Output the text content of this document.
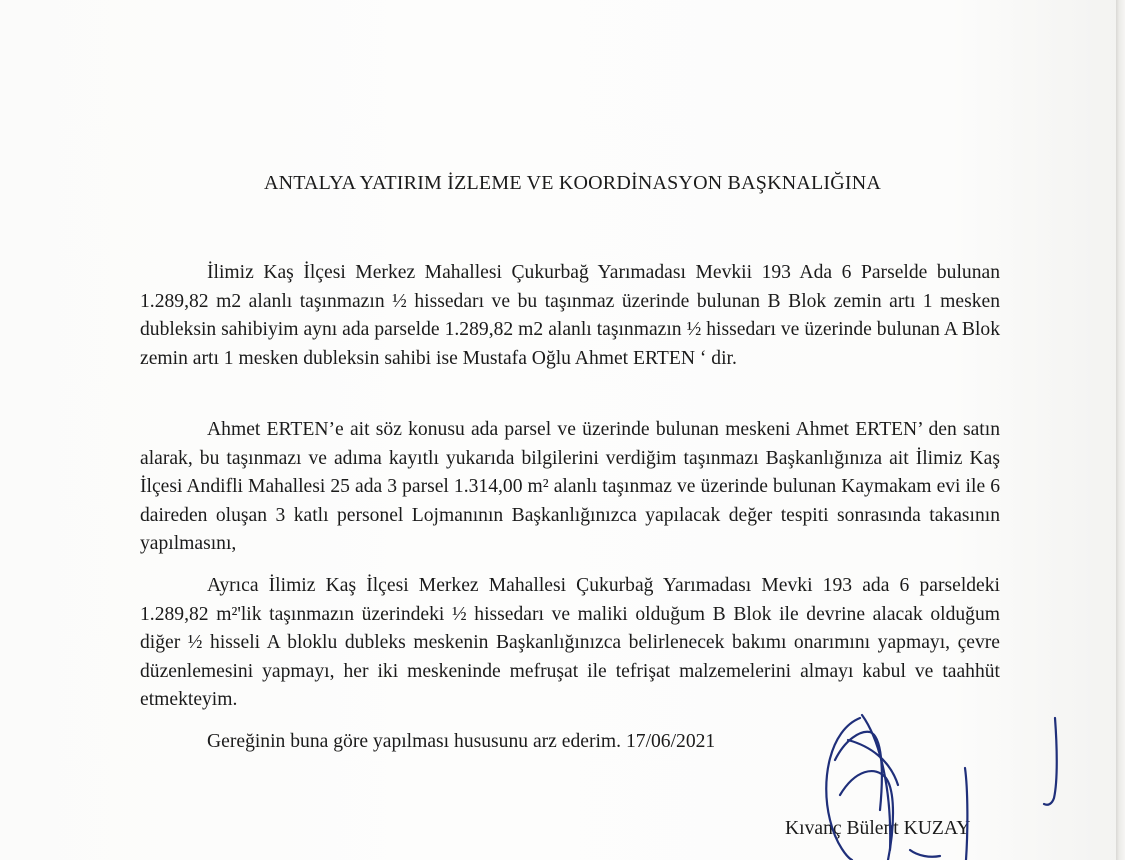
ANTALYA YATIRIM İZLEME VE KOORDİNASYON BAŞKNALIĞINA

İlimiz Kaş İlçesi Merkez Mahallesi Çukurbağ Yarımadası Mevkii 193 Ada 6 Parselde bulunan 1.289,82 m2 alanlı taşınmazın ½ hissedarı ve bu taşınmaz üzerinde bulunan B Blok zemin artı 1 mesken dubleksin sahibiyim aynı ada parselde 1.289,82 m2 alanlı taşınmazın ½ hissedarı ve üzerinde bulunan A Blok zemin artı 1 mesken dubleksin sahibi ise Mustafa Oğlu Ahmet ERTEN ‘ dir.

Ahmet ERTEN’e ait söz konusu ada parsel ve üzerinde bulunan meskeni Ahmet ERTEN’ den satın alarak, bu taşınmazı ve adıma kayıtlı yukarıda bilgilerini verdiğim taşınmazı Başkanlığınıza ait İlimiz Kaş İlçesi Andifli Mahallesi 25 ada 3 parsel 1.314,00 m² alanlı taşınmaz ve üzerinde bulunan Kaymakam evi ile 6 daireden oluşan 3 katlı personel Lojmanının Başkanlığınızca yapılacak değer tespiti sonrasında takasının yapılmasını,

Ayrıca İlimiz Kaş İlçesi Merkez Mahallesi Çukurbağ Yarımadası Mevki 193 ada 6 parseldeki 1.289,82 m²'lik taşınmazın üzerindeki ½ hissedarı ve maliki olduğum B Blok ile devrine alacak olduğum diğer ½ hisseli A bloklu dubleks meskenin Başkanlığınızca belirlenecek bakımı onarımını yapmayı, çevre düzenlemesini yapmayı, her iki meskeninde mefruşat ile tefrişat malzemelerini almayı kabul ve taahhüt etmekteyim.

Gereğinin buna göre yapılması hususunu arz ederim. 17/06/2021
Kıvanç Bülent KUZAY
